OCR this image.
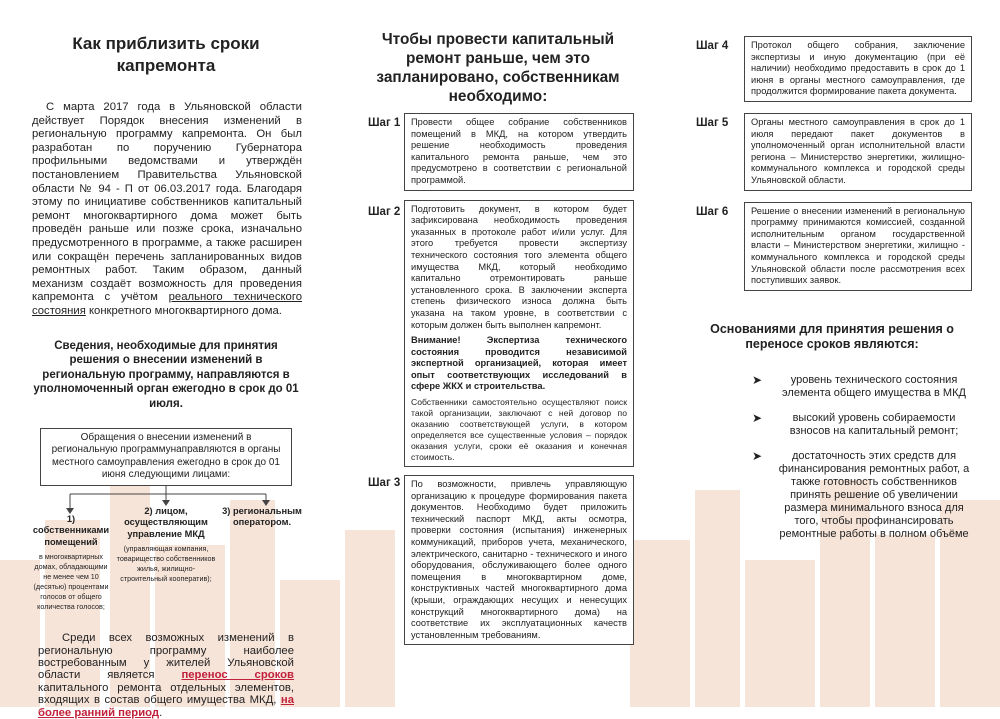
Как приблизить сроки капремонта

С марта 2017 года в Ульяновской области действует Порядок внесения изменений в региональную программу капремонта. Он был разработан по поручению Губернатора профильными ведомствами и утверждён постановлением Правительства Ульяновской области № 94 - П от 06.03.2017 года. Благодаря этому по инициативе собственников капитальный ремонт многоквартирного дома может быть проведён раньше или позже срока, изначально предусмотренного в программе, а также расширен или сокращён перечень запланированных видов ремонтных работ. Таким образом, данный механизм создаёт возможность для проведения капремонта с учётом реального технического состояния конкретного многоквартирного дома.

Сведения, необходимые для принятия решения о внесении изменений в региональную программу, направляются в уполномоченный орган ежегодно в срок до 01 июля.
Обращения о внесении изменений в региональную программунаправляются в органы местного самоуправления ежегодно в срок до 01 июня следующими лицами:
1) собственниками помещений
в многоквартирных домах, обладающими не менее чем 10 (десятью) процентами голосов от общего количества голосов;
2) лицом, осуществляющим управление МКД
(управляющая компания, товарищество собственников жилья, жилищно-строительный кооператив);
3) региональным оператором.

Среди всех возможных изменений в региональную программу наиболее востребованным у жителей Ульяновской области является перенос сроков капитального ремонта отдельных элементов, входящих в состав общего имущества МКД, на более ранний период.

Чтобы провести капитальный ремонт раньше, чем это запланировано, собственникам необходимо:
Шаг 1 Провести общее собрание собственников помещений в МКД, на котором утвердить решение необходимость проведения капитального ремонта раньше, чем это предусмотрено в соответствии с региональной программой.

Шаг 2 Подготовить документ, в котором будет зафиксирована необходимость проведения указанных в протоколе работ и/или услуг. Для этого требуется провести экспертизу технического состояния того элемента общего имущества МКД, который необходимо капитально отремонтировать раньше установленного срока. В заключении эксперта степень физического износа должна быть указана на таком уровне, в соответствии с которым должен быть выполнен капремонт.

Внимание! Экспертиза технического состояния проводится независимой экспертной организацией, которая имеет опыт соответствующих исследований в сфере ЖКХ и строительства.

Собственники самостоятельно осуществляют поиск такой организации, заключают с ней договор по оказанию соответствующей услуги, в котором определяется все существенные условия – порядок оказания услуги, сроки её оказания и конечная стоимость.

Шаг 3 По возможности, привлечь управляющую организацию к процедуре формирования пакета документов. Необходимо будет приложить технический паспорт МКД, акты осмотра, проверки состояния (испытания) инженерных коммуникаций, приборов учета, механического, электрического, санитарно - технического и иного оборудования, обслуживающего более одного помещения в многоквартирном доме, конструктивных частей многоквартирного дома (крыши, ограждающих несущих и ненесущих конструкций многоквартирного дома) на соответствие их эксплуатационных качеств установленным требованиям.

Шаг 4	Протокол общего собрания, заключение экспертизы и иную документацию (при её наличии) необходимо предоставить в срок до 1 июня в органы местного самоуправления, где продолжится формирование пакета документа.
Шаг 5	Органы местного самоуправления в срок до 1 июля передают пакет документов в уполномоченный орган исполнительной власти региона – Министерство энергетики, жилищно-коммунального комплекса и городской среды Ульяновской области.
Шаг 6	Решение о внесении изменений в региональную программу принимаются комиссией, созданной исполнительным органом государственной власти – Министерством энергетики, жилищно - коммунального комплекса и городской среды Ульяновской области после рассмотрения всех поступивших заявок.
Основаниями для принятия решения о переносе сроков являются:
➤	уровень технического состояния элемента общего имущества в МКД
➤	высокий уровень собираемости взносов на капитальный ремонт;
➤	достаточность этих средств для финансирования ремонтных работ, а также готовность собственников принять решение об увеличении размера минимального взноса для того, чтобы профинансировать ремонтные работы в полном объёме
